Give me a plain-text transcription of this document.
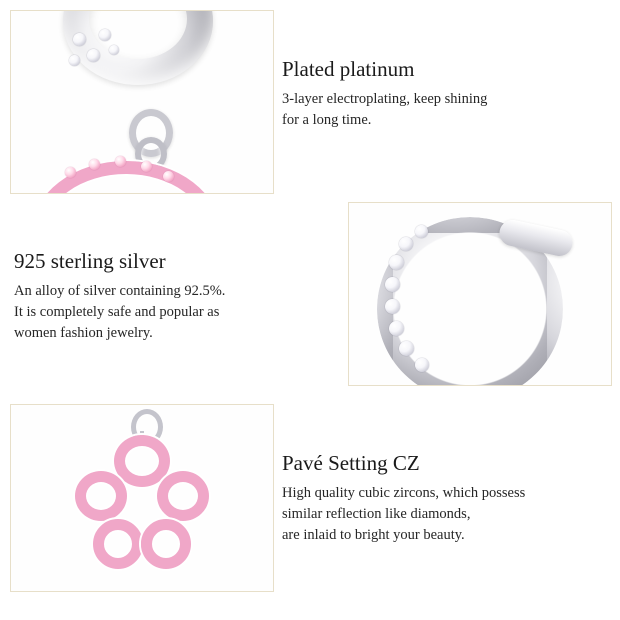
Plated platinum

3-layer electroplating, keep shining
for a long time.

925 sterling silver

An alloy of silver containing 92.5%.
It is completely safe and popular as
women fashion jewelry.

Pavé Setting CZ

High quality cubic zircons, which possess
similar reflection like diamonds,
are inlaid to bright your beauty.
